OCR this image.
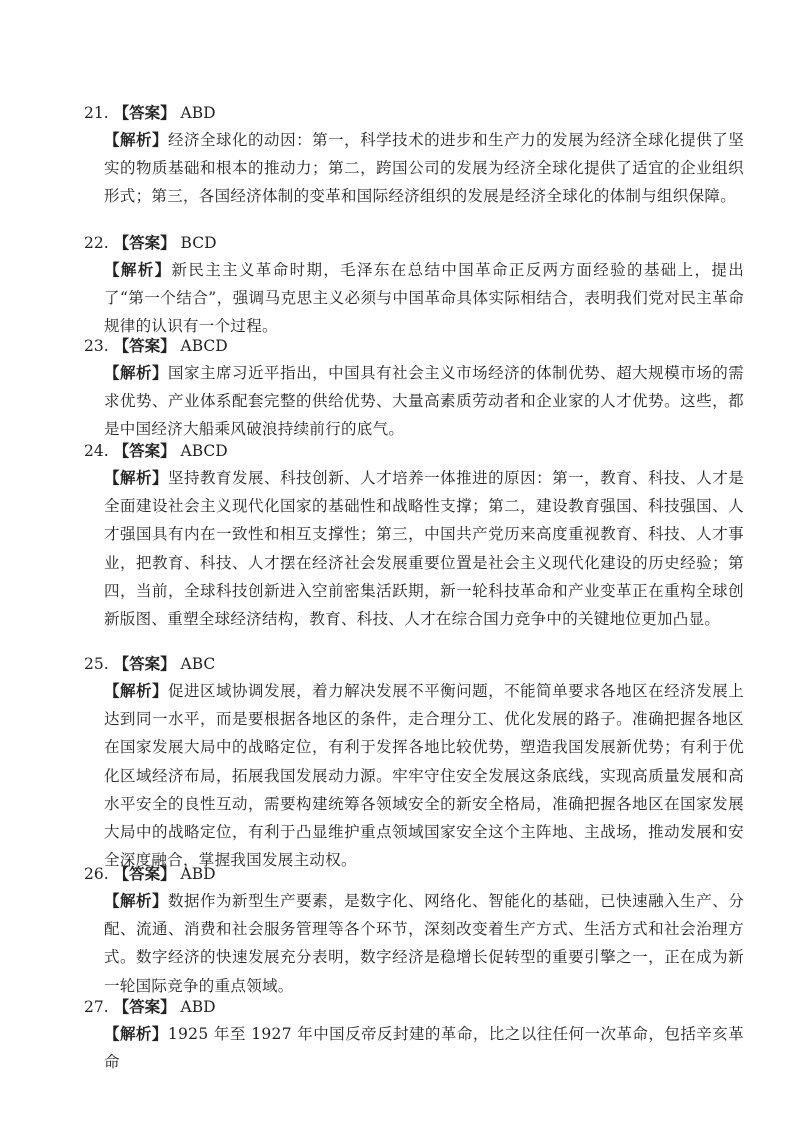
21. 【答案】 ABD
【解析】经济全球化的动因：第一，科学技术的进步和生产力的发展为经济全球化提供了坚实的物质基础和根本的推动力；第二，跨国公司的发展为经济全球化提供了适宜的企业组织形式；第三，各国经济体制的变革和国际经济组织的发展是经济全球化的体制与组织保障。
22. 【答案】 BCD
【解析】新民主主义革命时期，毛泽东在总结中国革命正反两方面经验的基础上，提出了“第一个结合”，强调马克思主义必须与中国革命具体实际相结合，表明我们党对民主革命规律的认识有一个过程。
23. 【答案】 ABCD
【解析】国家主席习近平指出，中国具有社会主义市场经济的体制优势、超大规模市场的需求优势、产业体系配套完整的供给优势、大量高素质劳动者和企业家的人才优势。这些，都是中国经济大船乘风破浪持续前行的底气。
24. 【答案】 ABCD
【解析】坚持教育发展、科技创新、人才培养一体推进的原因：第一，教育、科技、人才是全面建设社会主义现代化国家的基础性和战略性支撑；第二，建设教育强国、科技强国、人才强国具有内在一致性和相互支撑性；第三，中国共产党历来高度重视教育、科技、人才事业，把教育、科技、人才摆在经济社会发展重要位置是社会主义现代化建设的历史经验；第四，当前，全球科技创新进入空前密集活跃期，新一轮科技革命和产业变革正在重构全球创新版图、重塑全球经济结构，教育、科技、人才在综合国力竞争中的关键地位更加凸显。
25. 【答案】 ABC
【解析】促进区域协调发展，着力解决发展不平衡问题，不能简单要求各地区在经济发展上达到同一水平，而是要根据各地区的条件，走合理分工、优化发展的路子。准确把握各地区在国家发展大局中的战略定位，有利于发挥各地比较优势，塑造我国发展新优势；有利于优化区域经济布局，拓展我国发展动力源。牢牢守住安全发展这条底线，实现高质量发展和高水平安全的良性互动，需要构建统筹各领域安全的新安全格局，准确把握各地区在国家发展大局中的战略定位，有利于凸显维护重点领域国家安全这个主阵地、主战场，推动发展和安全深度融合，掌握我国发展主动权。
26. 【答案】 ABD
【解析】数据作为新型生产要素，是数字化、网络化、智能化的基础，已快速融入生产、分配、流通、消费和社会服务管理等各个环节，深刻改变着生产方式、生活方式和社会治理方式。数字经济的快速发展充分表明，数字经济是稳增长促转型的重要引擎之一，正在成为新一轮国际竞争的重点领域。
27. 【答案】 ABD
【解析】1925 年至 1927 年中国反帝反封建的革命，比之以往任何一次革命，包括辛亥革命
